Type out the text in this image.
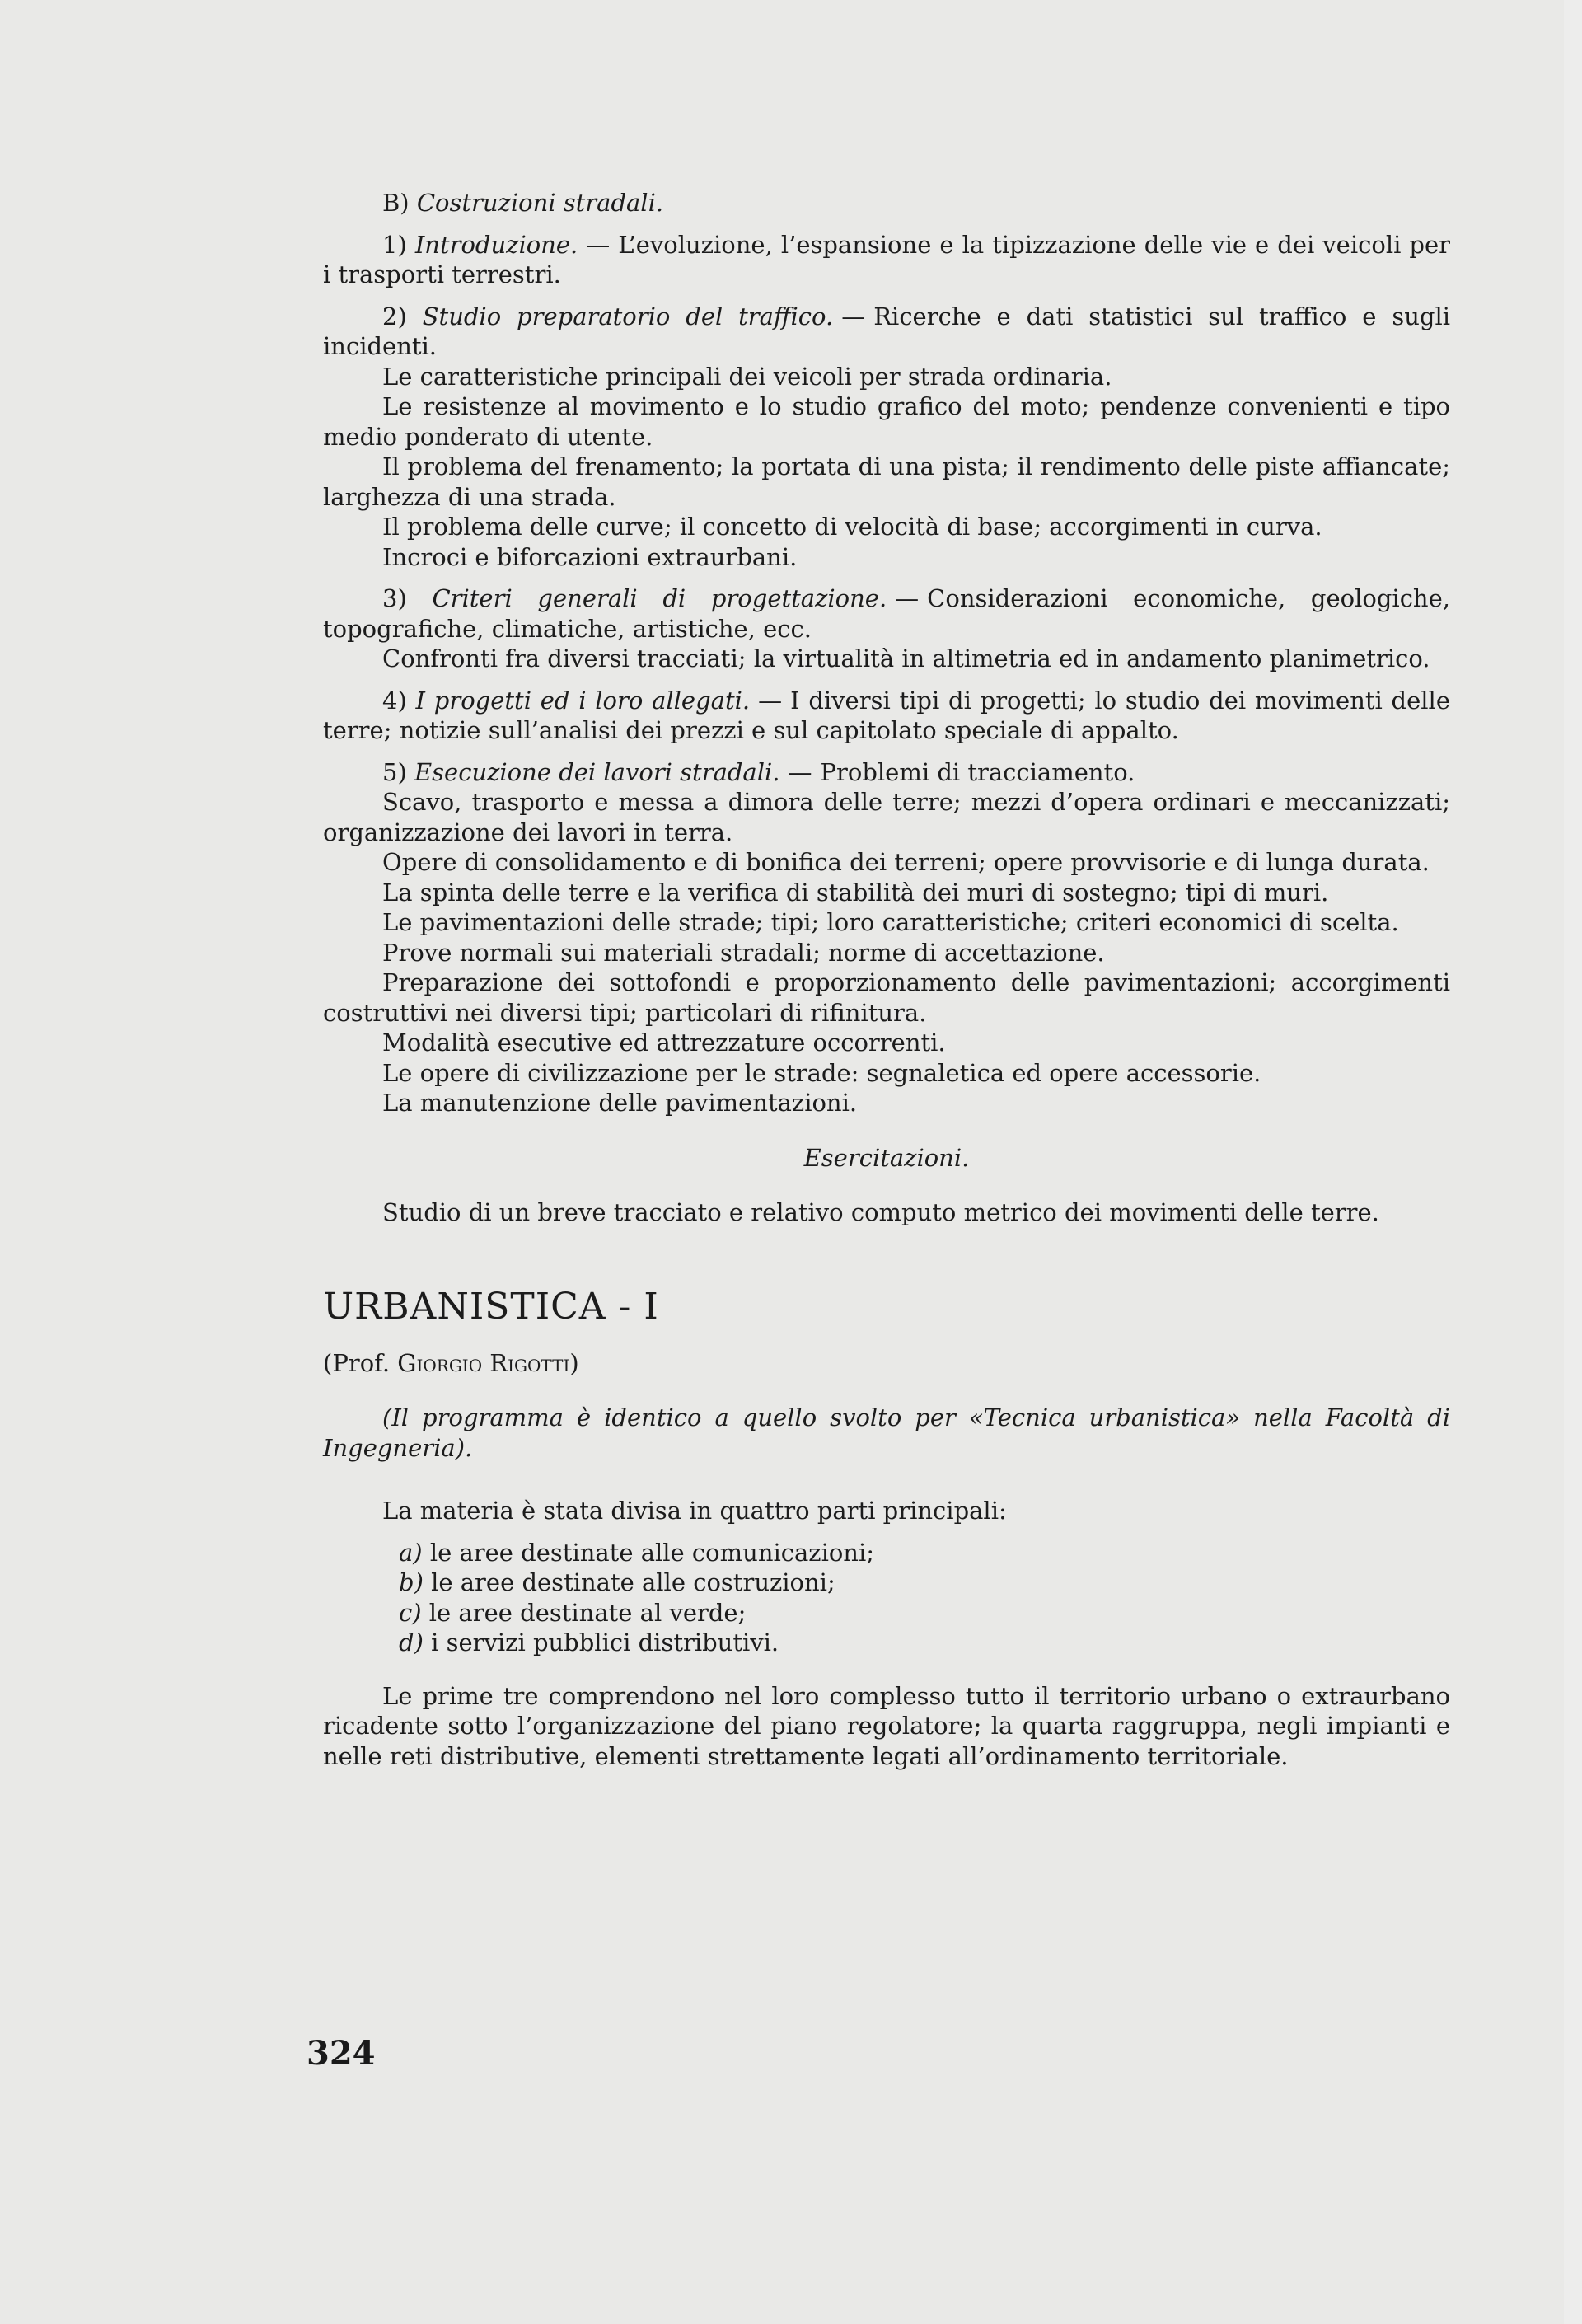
B) Costruzioni stradali.

1) Introduzione. — L’evoluzione, l’espansione e la tipizzazione delle vie e dei veicoli per i trasporti terrestri.

2) Studio preparatorio del traffico. — Ricerche e dati statistici sul traffico e sugli incidenti.

Le caratteristiche principali dei veicoli per strada ordinaria.

Le resistenze al movimento e lo studio grafico del moto; pendenze convenienti e tipo medio ponderato di utente.

Il problema del frenamento; la portata di una pista; il rendimento delle piste affiancate; larghezza di una strada.

Il problema delle curve; il concetto di velocità di base; accorgimenti in curva.

Incroci e biforcazioni extraurbani.

3) Criteri generali di progettazione. — Considerazioni economiche, geologiche, topografiche, climatiche, artistiche, ecc.

Confronti fra diversi tracciati; la virtualità in altimetria ed in andamento planimetrico.

4) I progetti ed i loro allegati. — I diversi tipi di progetti; lo studio dei movimenti delle terre; notizie sull’analisi dei prezzi e sul capitolato speciale di appalto.

5) Esecuzione dei lavori stradali. — Problemi di tracciamento.

Scavo, trasporto e messa a dimora delle terre; mezzi d’opera ordinari e meccanizzati; organizzazione dei lavori in terra.

Opere di consolidamento e di bonifica dei terreni; opere provvisorie e di lunga durata.

La spinta delle terre e la verifica di stabilità dei muri di sostegno; tipi di muri.

Le pavimentazioni delle strade; tipi; loro caratteristiche; criteri economici di scelta.

Prove normali sui materiali stradali; norme di accettazione.

Preparazione dei sottofondi e proporzionamento delle pavimentazioni; accorgimenti costruttivi nei diversi tipi; particolari di rifinitura.

Modalità esecutive ed attrezzature occorrenti.

Le opere di civilizzazione per le strade: segnaletica ed opere accessorie.

La manutenzione delle pavimentazioni.

Esercitazioni.

Studio di un breve tracciato e relativo computo metrico dei movimenti delle terre.

URBANISTICA - I

(Prof. Giorgio Rigotti)

(Il programma è identico a quello svolto per «Tecnica urbanistica» nella Facoltà di Ingegneria).

La materia è stata divisa in quattro parti principali:

a) le aree destinate alle comunicazioni;

b) le aree destinate alle costruzioni;

c) le aree destinate al verde;

d) i servizi pubblici distributivi.

Le prime tre comprendono nel loro complesso tutto il territorio urbano o extraurbano ricadente sotto l’organizzazione del piano regolatore; la quarta raggruppa, negli impianti e nelle reti distributive, elementi strettamente legati all’ordinamento territoriale.

324
